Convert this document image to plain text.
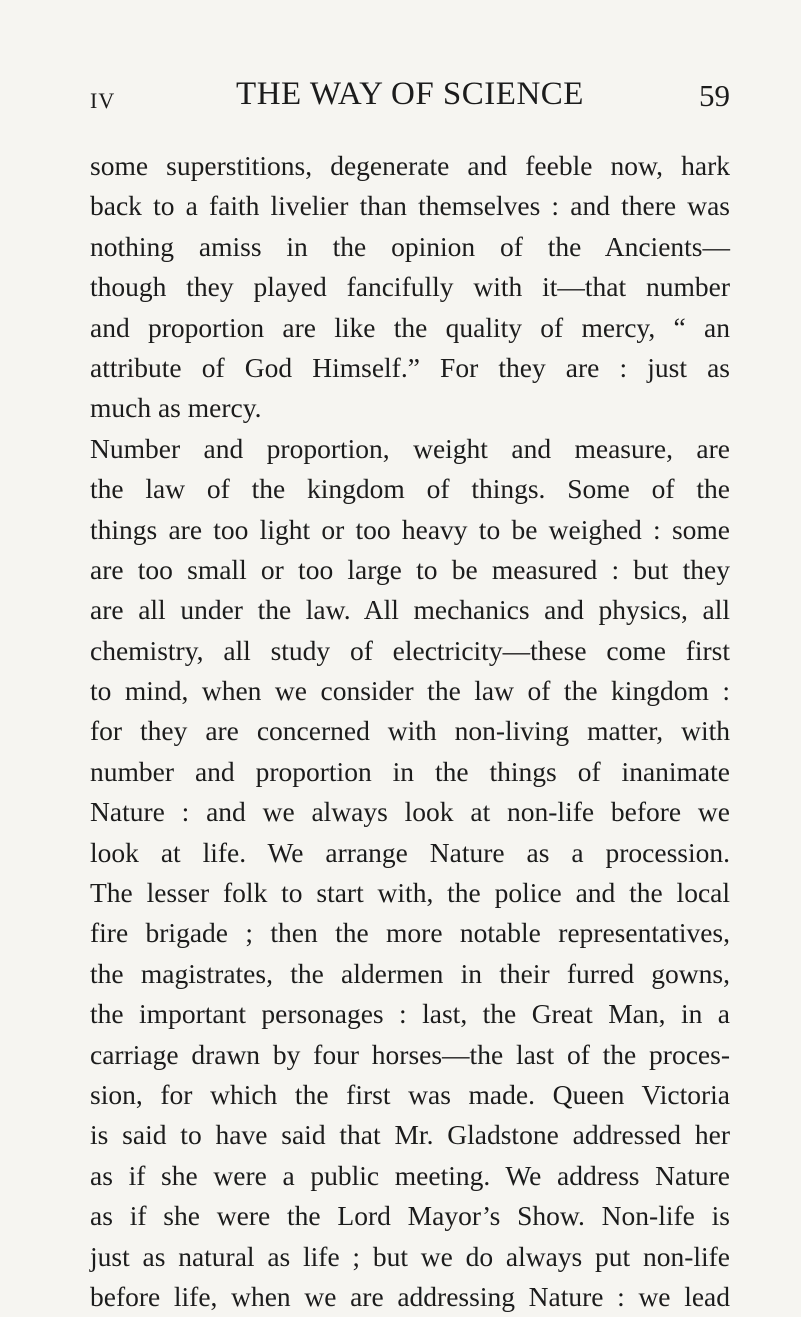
IV	THE WAY OF SCIENCE	59
some superstitions, degenerate and feeble now, hark
back to a faith livelier than themselves : and there was
nothing amiss in the opinion of the Ancients—
though they played fancifully with it—that number
and proportion are like the quality of mercy, “ an
attribute of God Himself.” For they are : just as
much as mercy.
Number and proportion, weight and measure, are
the law of the kingdom of things. Some of the
things are too light or too heavy to be weighed : some
are too small or too large to be measured : but they
are all under the law. All mechanics and physics, all
chemistry, all study of electricity—these come first
to mind, when we consider the law of the kingdom :
for they are concerned with non-living matter, with
number and proportion in the things of inanimate
Nature : and we always look at non-life before we
look at life. We arrange Nature as a procession.
The lesser folk to start with, the police and the local
fire brigade ; then the more notable representatives,
the magistrates, the aldermen in their furred gowns,
the important personages : last, the Great Man, in a
carriage drawn by four horses—the last of the proces-
sion, for which the first was made. Queen Victoria
is said to have said that Mr. Gladstone addressed her
as if she were a public meeting. We address Nature
as if she were the Lord Mayor’s Show. Non-life is
just as natural as life ; but we do always put non-life
before life, when we are addressing Nature : we lead
